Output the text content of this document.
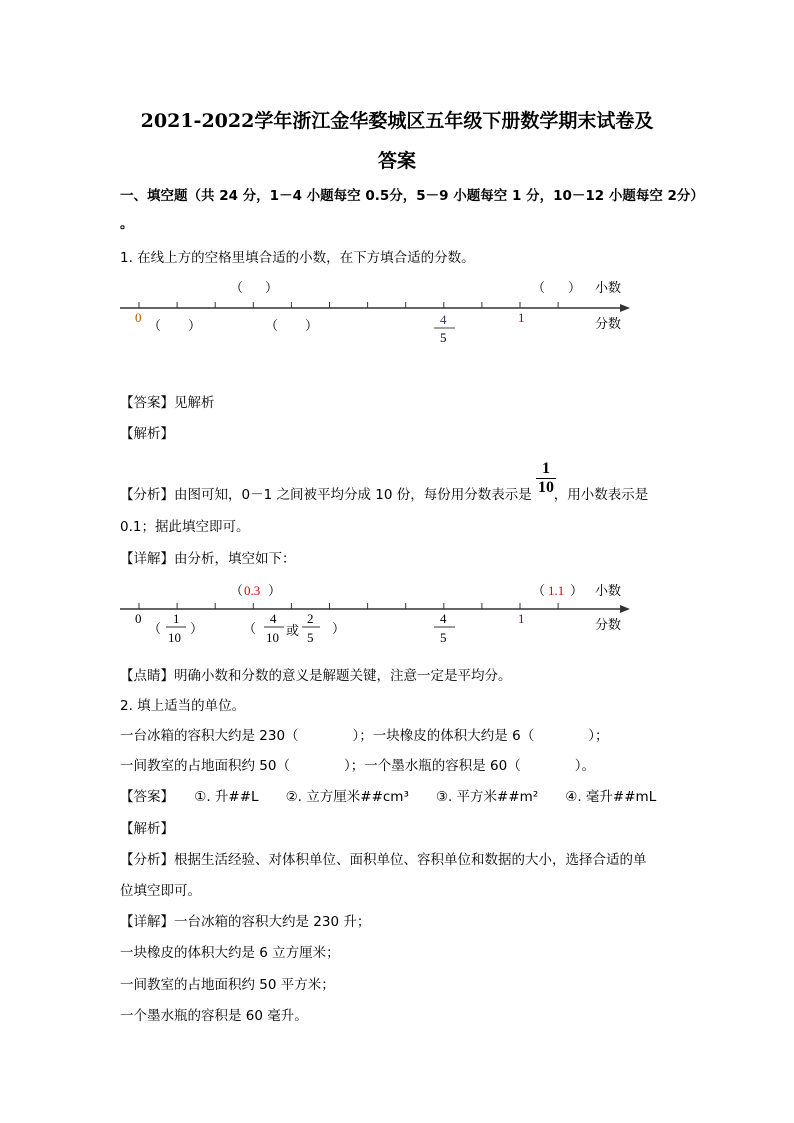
2021-2022学年浙江金华婺城区五年级下册数学期末试卷及
答案
一、填空题（共 24 分，1－4 小题每空 0.5分，5－9 小题每空 1 分，10－12 小题每空 2分）
。
1. 在线上方的空格里填合适的小数，在下方填合适的分数。
（ ）	（ ） 小数
0	1
（ ）	（ ）	4
5
分数
【答案】见解析
【解析】
【分析】由图可知，0－1 之间被平均分成 10 份，每份用分数表示是 ，用小数表示是
$\frac{1}{10}$
0.1；据此填空即可。
【详解】由分析，填空如下：
（ 0.3 ）	（ 1.1 ） 小数
0	1
（
1
10
）	（
4
10 或
2
5
）
4
5
分数
【点睛】明确小数和分数的意义是解题关键，注意一定是平均分。
2. 填上适当的单位。
一台冰箱的容积大约是 230（　　　　）；一块橡皮的体积大约是 6（　　　　）；
一间教室的占地面积约 50（　　　　）；一个墨水瓶的容积是 60（　　　　）。
【答案】　　①. 升##L　　②. 立方厘米##cm³　　③. 平方米##m²　　④. 毫升##mL
【解析】
【分析】根据生活经验、对体积单位、面积单位、容积单位和数据的大小，选择合适的单
位填空即可。
【详解】一台冰箱的容积大约是 230 升；
一块橡皮的体积大约是 6 立方厘米；
一间教室的占地面积约 50 平方米；
一个墨水瓶的容积是 60 毫升。
